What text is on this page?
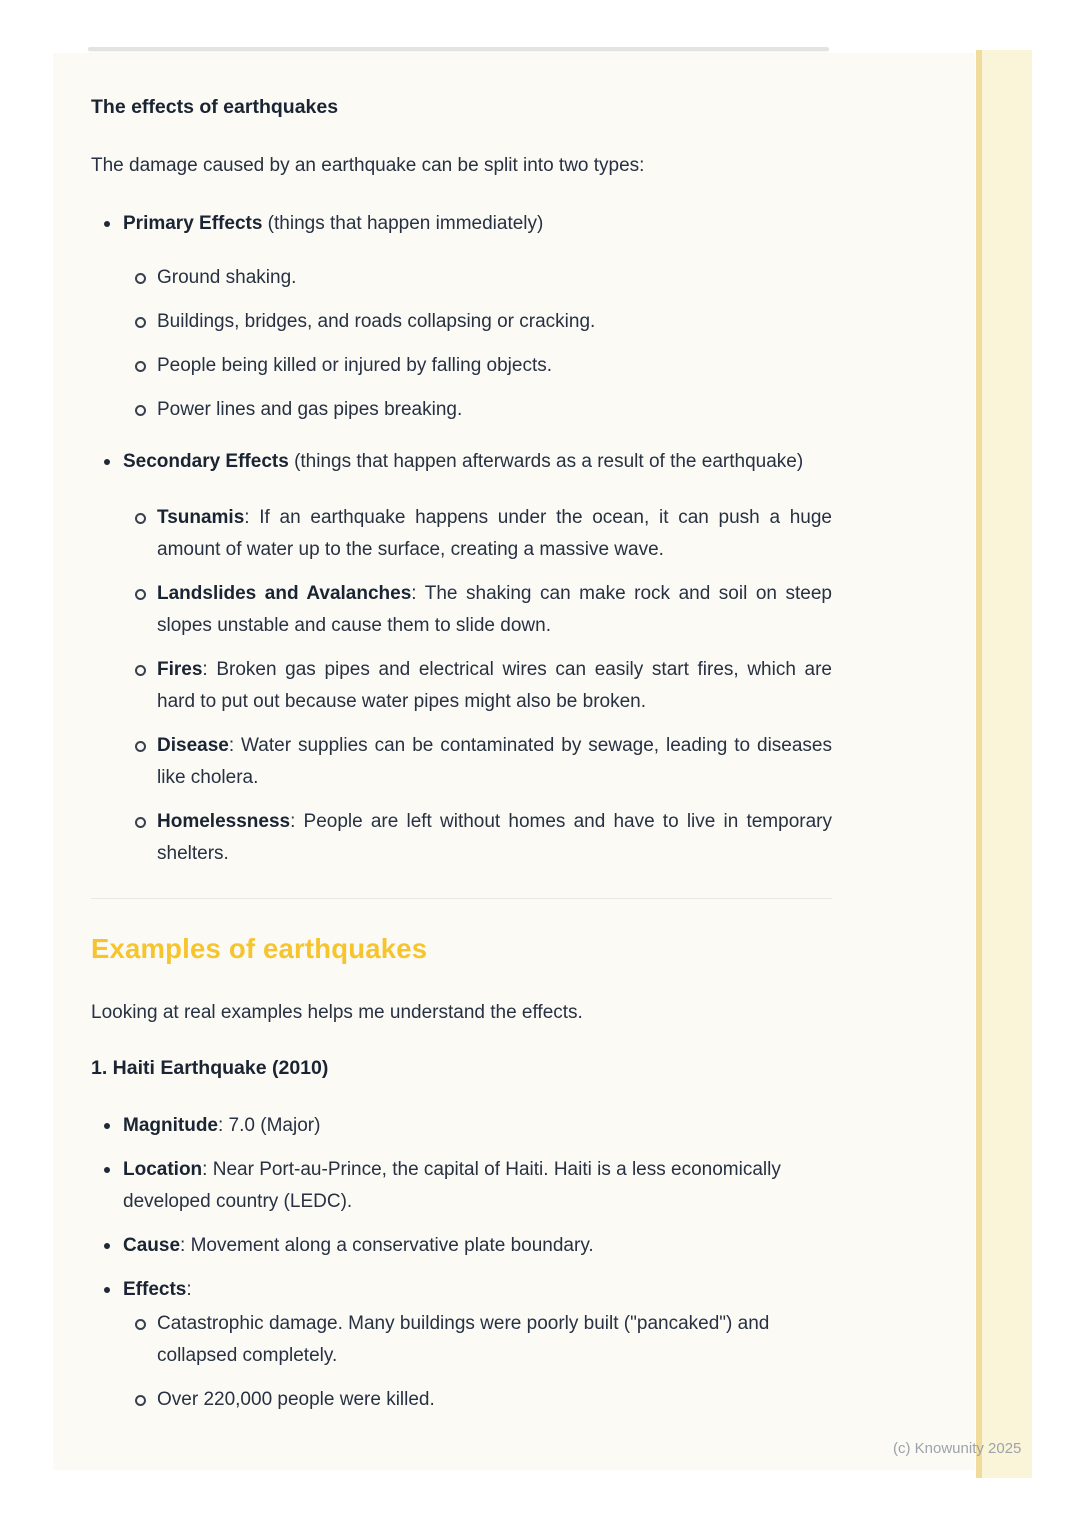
The effects of earthquakes

The damage caused by an earthquake can be split into two types:

Primary Effects (things that happen immediately)
Ground shaking.
Buildings, bridges, and roads collapsing or cracking.
People being killed or injured by falling objects.
Power lines and gas pipes breaking.
Secondary Effects (things that happen afterwards as a result of the earthquake)
Tsunamis: If an earthquake happens under the ocean, it can push a huge amount of water up to the surface, creating a massive wave.
Landslides and Avalanches: The shaking can make rock and soil on steep slopes unstable and cause them to slide down.
Fires: Broken gas pipes and electrical wires can easily start fires, which are hard to put out because water pipes might also be broken.
Disease: Water supplies can be contaminated by sewage, leading to diseases like cholera.
Homelessness: People are left without homes and have to live in temporary shelters.
Examples of earthquakes

Looking at real examples helps me understand the effects.

1. Haiti Earthquake (2010)
Magnitude: 7.0 (Major)
Location: Near Port-au-Prince, the capital of Haiti. Haiti is a less economically developed country (LEDC).
Cause: Movement along a conservative plate boundary.
Effects:
Catastrophic damage. Many buildings were poorly built ("pancaked") and collapsed completely.
Over 220,000 people were killed.
(c) Knowunity 2025
